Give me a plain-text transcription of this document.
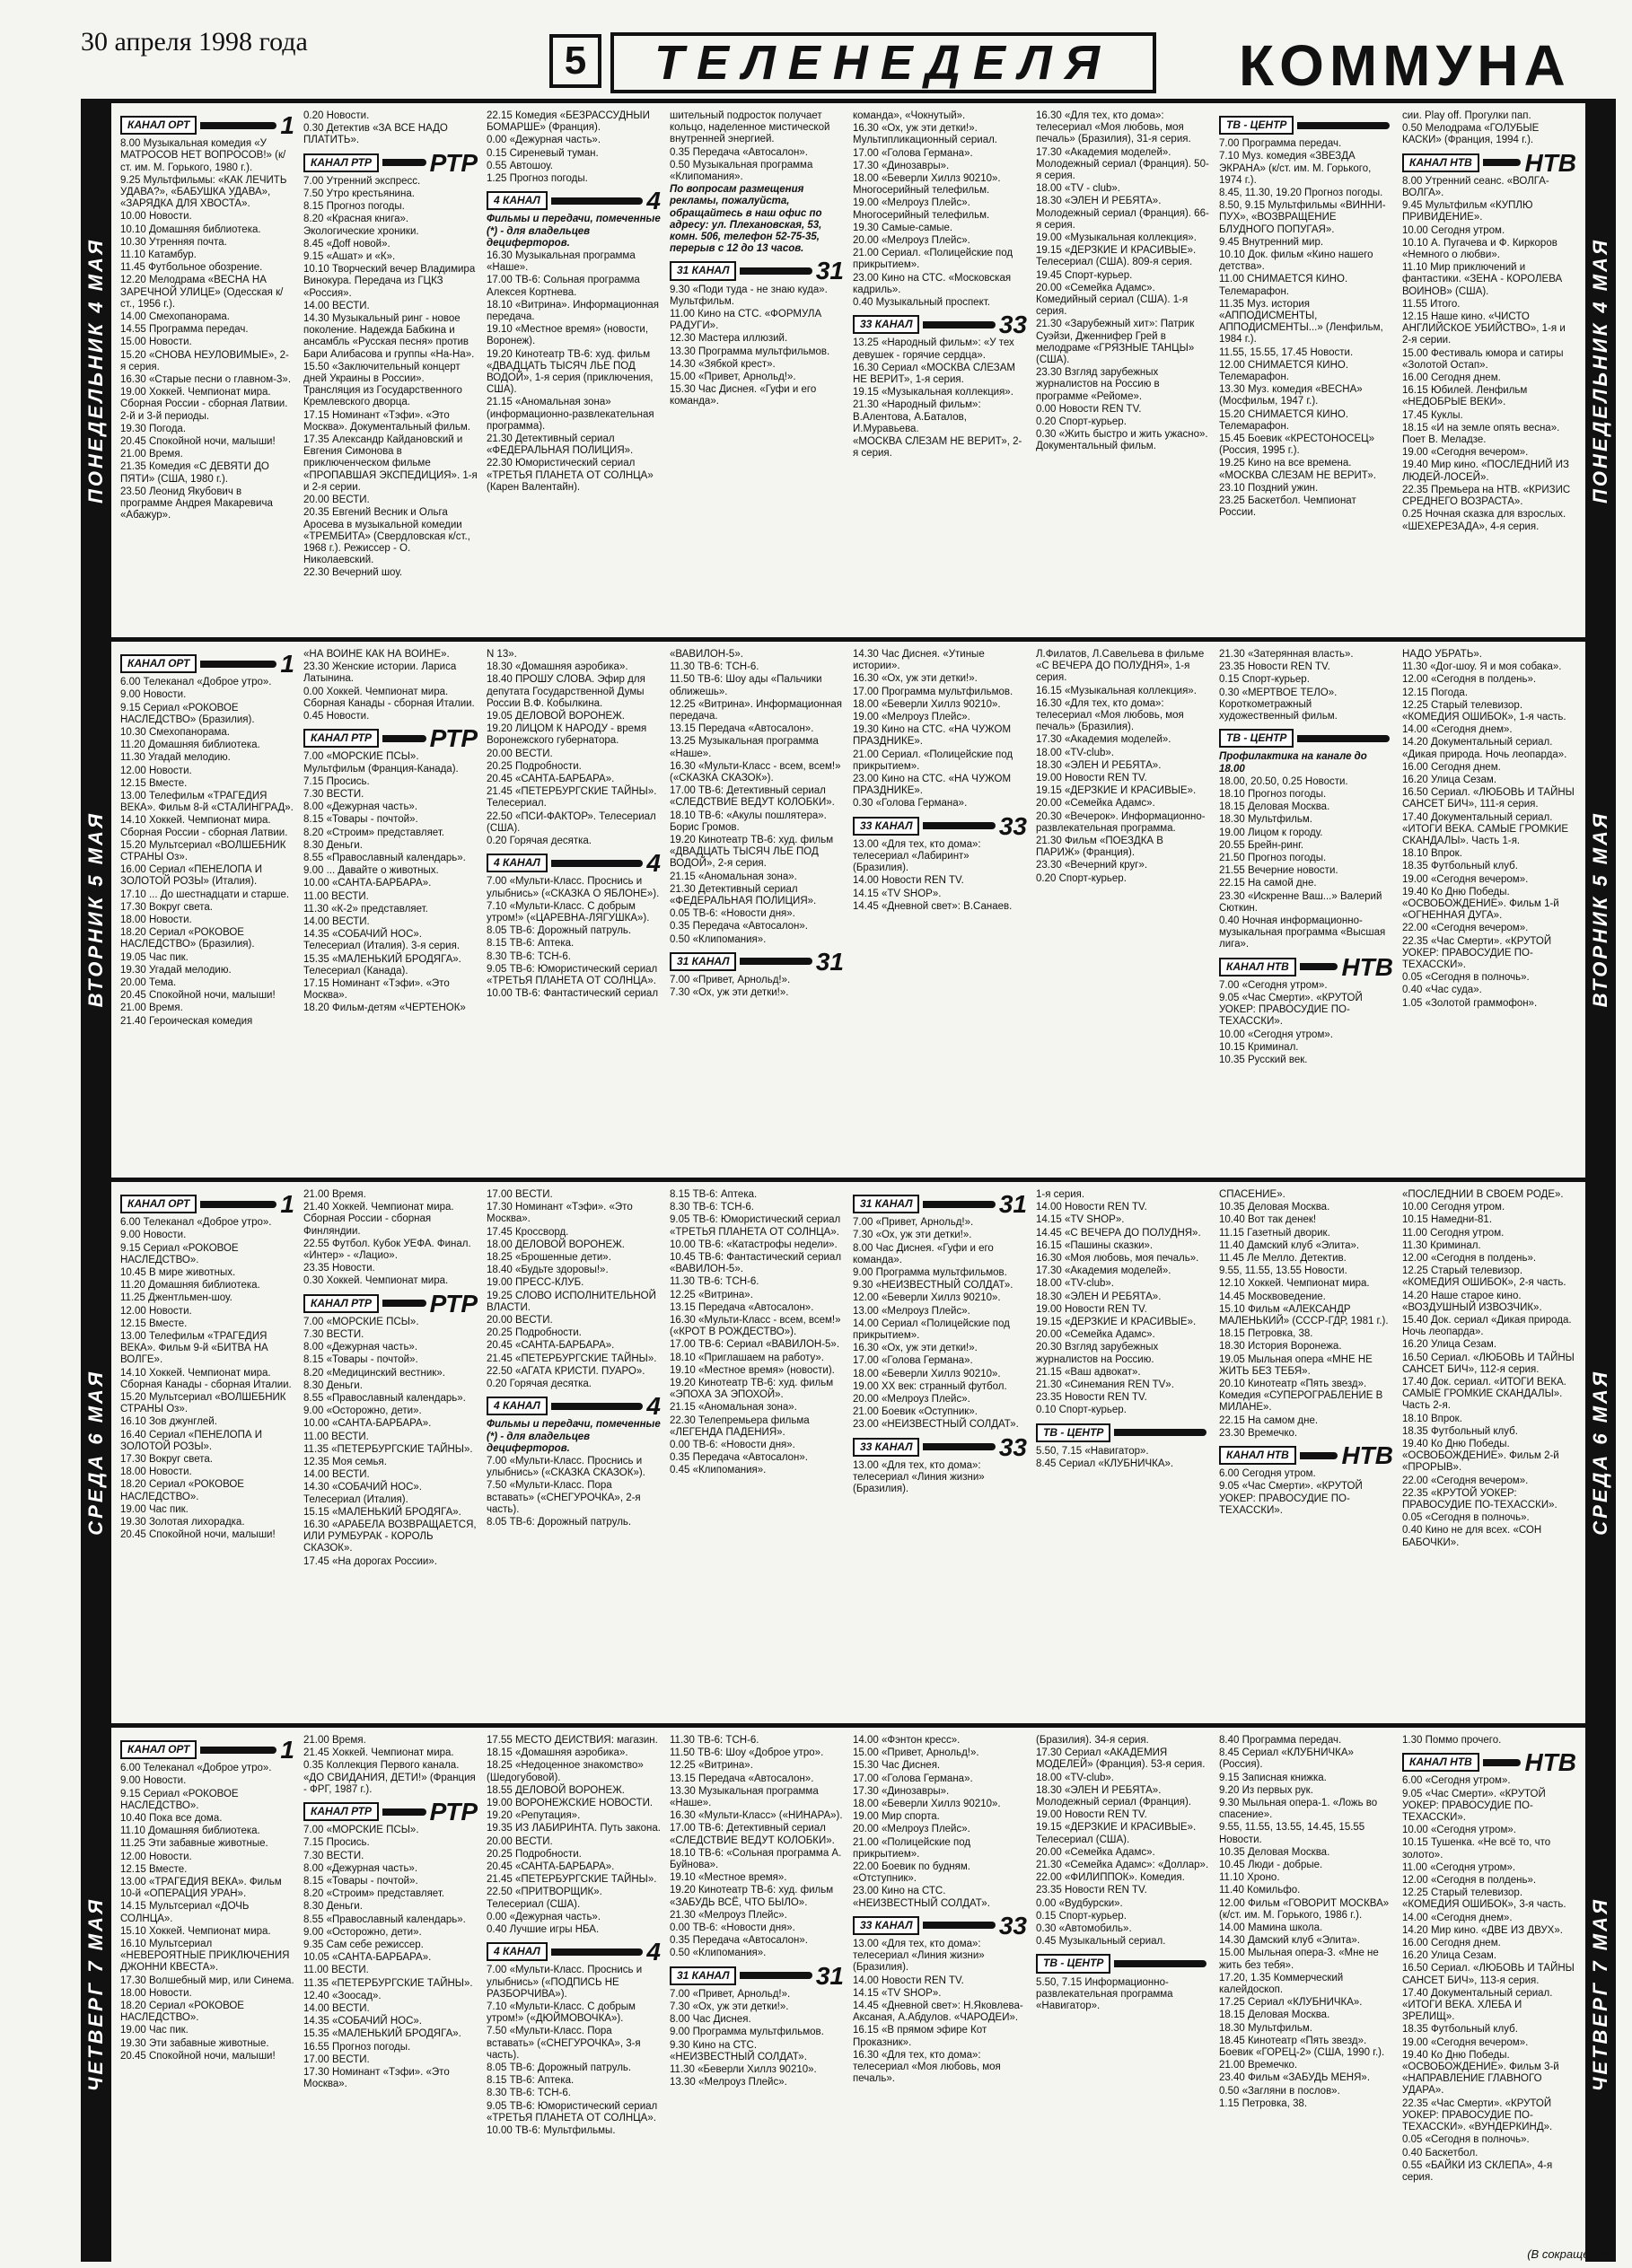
30 апреля 1998 года	5	ТЕЛЕНЕДЕЛЯ	КОММУНА
ПОНЕДЕЛЬНИК 4 МАЯ	ПОНЕДЕЛЬНИК 4 МАЯ
КАНАЛ ОРТ	1

8.00 Музыкальная комедия «У МАТРОСОВ НЕТ ВОПРОСОВ!» (к/ст. им. М. Горького, 1980 г.).

9.25 Мультфильмы: «КАК ЛЕЧИТЬ УДАВА?», «БАБУШКА УДАВА», «ЗАРЯДКА ДЛЯ ХВОСТА».

10.00 Новости.

10.10 Домашняя библиотека.

10.30 Утренняя почта.

11.10 Катамбур.

11.45 Футбольное обозрение.

12.20 Мелодрама «ВЕСНА НА ЗАРЕЧНОЙ УЛИЦЕ» (Одесская к/ст., 1956 г.).

14.00 Смехопанорама.

14.55 Программа передач.

15.00 Новости.

15.20 «СНОВА НЕУЛОВИМЫЕ», 2-я серия.

16.30 «Старые песни о главном-3».

19.00 Хоккей. Чемпионат мира. Сборная России - сборная Латвии. 2-й и 3-й периоды.

19.30 Погода.

20.45 Спокойной ночи, малыши!

21.00 Время.

21.35 Комедия «С ДЕВЯТИ ДО ПЯТИ» (США, 1980 г.).

23.50 Леонид Якубович в программе Андрея Макаревича «Абажур».

0.20 Новости.

0.30 Детектив «ЗА ВСЕ НАДО ПЛАТИТЬ».

КАНАЛ РТР РТР

7.00 Утренний экспресс.

7.50 Утро крестьянина.

8.15 Прогноз погоды.

8.20 «Красная книга». Экологические хроники.

8.45 «Дoff новой».

9.15 «Ашат» и «К».

10.10 Творческий вечер Владимира Винокура. Передача из ГЦКЗ «Россия».

14.00 ВЕСТИ.

14.30 Музыкальный ринг - новое поколение. Надежда Бабкина и ансамбль «Русская песня» против Бари Алибасова и группы «На-На».

15.50 «Заключительный концерт дней Украины в России». Трансляция из Государственного Кремлевского дворца.

17.15 Номинант «Тэфи». «Это Москва». Документальный фильм.

17.35 Александр Кайдановский и Евгения Симонова в приключенческом фильме «ПРОПАВШАЯ ЭКСПЕДИЦИЯ». 1-я и 2-я серии.

20.00 ВЕСТИ.

20.35 Евгений Весник и Ольга Аросева в музыкальной комедии «ТРЕМБИТА» (Свердловская к/ст., 1968 г.). Режиссер - О. Николаевский.

22.30 Вечерний шоу.

22.15 Комедия «БЕЗРАССУДНЫЙ БОМАРШЕ» (Франция).

0.00 «Дежурная часть».

0.15 Сиреневый туман.

0.55 Автошоу.

1.25 Прогноз погоды.

4 КАНАЛ	4

Фильмы и передачи, помеченные (*) - для владельцев дециферторов.

16.30 Музыкальная программа «Наше».

17.00 ТВ-6: Сольная программа Алексея Кортнева.

18.10 «Витрина». Информационная передача.

19.10 «Местное время» (новости, Воронеж).

19.20 Кинотеатр ТВ-6: худ. фильм «ДВАДЦАТЬ ТЫСЯЧ ЛЬЕ ПОД ВОДОЙ», 1-я серия (приключения, США).

21.15 «Аномальная зона» (информационно-развлекательная программа).

21.30 Детективный сериал «ФЕДЕРАЛЬНАЯ ПОЛИЦИЯ».

22.30 Юмористический сериал «ТРЕТЬЯ ПЛАНЕТА ОТ СОЛНЦА» (Карен Валентайн).

шительный подросток получает кольцо, наделенное мистической внутренней энергией.

0.35 Передача «Автосалон».

0.50 Музыкальная программа «Клипомания».

По вопросам размещения рекламы, пожалуйста, обращайтесь в наш офис по адресу: ул. Плехановская, 53, комн. 506, телефон 52-75-35, перерыв с 12 до 13 часов.

31 КАНАЛ	31

9.30 «Поди туда - не знаю куда». Мультфильм.

11.00 Кино на СТС. «ФОРМУЛА РАДУГИ».

12.30 Мастера иллюзий.

13.30 Программа мультфильмов.

14.30 «Зябкой крест».

15.00 «Привет, Арнольд!».

15.30 Час Диснея. «Гуфи и его команда».

команда», «Чокнутый».

16.30 «Ох, уж эти детки!». Мультипликационный сериал.

17.00 «Голова Германа».

17.30 «Динозавры».

18.00 «Беверли Хиллз 90210». Многосерийный телефильм.

19.00 «Мелроуз Плейс». Многосерийный телефильм.

19.30 Самые-самые.

20.00 «Мелроуз Плейс».

21.00 Сериал. «Полицейские под прикрытием».

23.00 Кино на СТС. «Московская кадриль».

0.40 Музыкальный проспект.

33 КАНАЛ	33

13.25 «Народный фильм»: «У тех девушек - горячие сердца».

16.30 Сериал «МОСКВА СЛЕЗАМ НЕ ВЕРИТ», 1-я серия.

19.15 «Музыкальная коллекция».

21.30 «Народный фильм»: В.Алентова, А.Баталов, И.Муравьева.

«МОСКВА СЛЕЗАМ НЕ ВЕРИТ», 2-я серия.

16.30 «Для тех, кто дома»: телесериал «Моя любовь, моя печаль» (Бразилия), 31-я серия.

17.30 «Академия моделей». Молодежный сериал (Франция). 50-я серия.

18.00 «TV - club».

18.30 «ЭЛЕН И РЕБЯТА». Молодежный сериал (Франция). 66-я серия.

19.00 «Музыкальная коллекция».

19.15 «ДЕРЗКИЕ И КРАСИВЫЕ». Телесериал (США). 809-я серия.

19.45 Спорт-курьер.

20.00 «Семейка Адамс». Комедийный сериал (США). 1-я серия.

21.30 «Зарубежный хит»: Патрик Суэйзи, Дженнифер Грей в мелодраме «ГРЯЗНЫЕ ТАНЦЫ» (США).

23.30 Взгляд зарубежных журналистов на Россию в программе «Рейоме».

0.00 Новости REN TV.

0.20 Спорт-курьер.

0.30 «Жить быстро и жить ужасно». Документальный фильм.

ТВ - ЦЕНТР

7.00 Программа передач.

7.10 Муз. комедия «ЗВЕЗДА ЭКРАНА» (к/ст. им. М. Горького, 1974 г.).

8.45, 11.30, 19.20 Прогноз погоды.

8.50, 9.15 Мультфильмы «ВИННИ-ПУХ», «ВОЗВРАЩЕНИЕ БЛУДНОГО ПОПУГАЯ».

9.45 Внутренний мир.

10.10 Док. фильм «Кино нашего детства».

11.00 СНИМАЕТСЯ КИНО. Телемарафон.

11.35 Муз. история «АППОДИСМЕНТЫ, АППОДИСМЕНТЫ...» (Ленфильм, 1984 г.).

11.55, 15.55, 17.45 Новости.

12.00 СНИМАЕТСЯ КИНО. Телемарафон.

13.30 Муз. комедия «ВЕСНА» (Мосфильм, 1947 г.).

15.20 СНИМАЕТСЯ КИНО. Телемарафон.

15.45 Боевик «КРЕСТОНОСЕЦ» (Россия, 1995 г.).

19.25 Кино на все времена. «МОСКВА СЛЕЗАМ НЕ ВЕРИТ».

23.10 Поздний ужин.

23.25 Баскетбол. Чемпионат России.

сии. Play off. Прогулки пап.

0.50 Мелодрама «ГОЛУБЫЕ КАСКИ» (Франция, 1994 г.).

КАНАЛ НТВ НТВ

8.00 Утренний сеанс. «ВОЛГА-ВОЛГА».

9.45 Мультфильм «КУПЛЮ ПРИВИДЕНИЕ».

10.00 Сегодня утром.

10.10 А. Пугачева и Ф. Киркоров «Немного о любви».

11.10 Мир приключений и фантастики. «ЗЕНА - КОРОЛЕВА ВОИНОВ» (США).

11.55 Итого.

12.15 Наше кино. «ЧИСТО АНГЛИЙСКОЕ УБИЙСТВО», 1-я и 2-я серии.

15.00 Фестиваль юмора и сатиры «Золотой Остап».

16.00 Сегодня днем.

16.15 Юбилей. Ленфильм «НЕДОБРЫЕ ВЕКИ».

17.45 Куклы.

18.15 «И на земле опять весна». Поет В. Меладзе.

19.00 «Сегодня вечером».

19.40 Мир кино. «ПОСЛЕДНИЙ ИЗ ЛЮДЕЙ-ЛОСЕЙ».

22.35 Премьера на НТВ. «КРИЗИС СРЕДНЕГО ВОЗРАСТА».

0.25 Ночная сказка для взрослых. «ШЕХЕРЕЗАДА», 4-я серия.

ВТОРНИК 5 МАЯ	ВТОРНИК 5 МАЯ
КАНАЛ ОРТ	1

6.00 Телеканал «Доброе утро».

9.00 Новости.

9.15 Сериал «РОКОВОЕ НАСЛЕДСТВО» (Бразилия).

10.30 Смехопанорама.

11.20 Домашняя библиотека.

11.30 Угадай мелодию.

12.00 Новости.

12.15 Вместе.

13.00 Телефильм «ТРАГЕДИЯ ВЕКА». Фильм 8-й «СТАЛИНГРАД».

14.10 Хоккей. Чемпионат мира. Сборная России - сборная Латвии.

15.20 Мультсериал «ВОЛШЕБНИК СТРАНЫ Оз».

16.00 Сериал «ПЕНЕЛОПА И ЗОЛОТОЙ РОЗЫ» (Италия).

17.10 ... До шестнадцати и старше.

17.30 Вокруг света.

18.00 Новости.

18.20 Сериал «РОКОВОЕ НАСЛЕДСТВО» (Бразилия).

19.05 Час пик.

19.30 Угадай мелодию.

20.00 Тема.

20.45 Спокойной ночи, малыши!

21.00 Время.

21.40 Героическая комедия

«НА ВОЙНЕ КАК НА ВОЙНЕ».

23.30 Женские истории. Лариса Латынина.

0.00 Хоккей. Чемпионат мира. Сборная Канады - сборная Италии.

0.45 Новости.

КАНАЛ РТР РТР

7.00 «МОРСКИЕ ПСЫ». Мультфильм (Франция-Канада).

7.15 Просись.

7.30 ВЕСТИ.

8.00 «Дежурная часть».

8.15 «Товары - почтой».

8.20 «Строим» представляет.

8.30 Деньги.

8.55 «Православный календарь».

9.00 ... Давайте о животных.

10.00 «САНТА-БАРБАРА».

11.00 ВЕСТИ.

11.30 «К-2» представляет.

14.00 ВЕСТИ.

14.35 «СОБАЧИЙ НОС». Телесериал (Италия). 3-я серия.

15.35 «МАЛЕНЬКИЙ БРОДЯГА». Телесериал (Канада).

17.15 Номинант «Тэфи». «Это Москва».

18.20 Фильм-детям «ЧЕРТЕНОК»

N 13».

18.30 «Домашняя аэробика».

18.40 ПРОШУ СЛОВА. Эфир для депутата Государственной Думы России В.Ф. Кобылкина.

19.05 ДЕЛОВОЙ ВОРОНЕЖ.

19.20 ЛИЦОМ К НАРОДУ - время Воронежского губернатора.

20.00 ВЕСТИ.

20.25 Подробности.

20.45 «САНТА-БАРБАРА».

21.45 «ПЕТЕРБУРГСКИЕ ТАЙНЫ». Телесериал.

22.50 «ПСИ-ФАКТОР». Телесериал (США).

0.20 Горячая десятка.

4 КАНАЛ	4

7.00 «Мульти-Класс. Проснись и улыбнись» («СКАЗКА О ЯБЛОНЕ»).

7.10 «Мульти-Класс. С добрым утром!» («ЦАРЕВНА-ЛЯГУШКА»).

8.05 ТВ-6: Дорожный патруль.

8.15 ТВ-6: Аптека.

8.30 ТВ-6: ТСН-6.

9.05 ТВ-6: Юмористический сериал «ТРЕТЬЯ ПЛАНЕТА ОТ СОЛНЦА».

10.00 ТВ-6: Фантастический сериал

«ВАВИЛОН-5».

11.30 ТВ-6: ТСН-6.

11.50 ТВ-6: Шоу ады «Пальчики оближешь».

12.25 «Витрина». Информационная передача.

13.15 Передача «Автосалон».

13.25 Музыкальная программа «Наше».

16.30 «Мульти-Класс - всем, всем!» («СКАЗКА СКАЗОК»).

17.00 ТВ-6: Детективный сериал «СЛЕДСТВИЕ ВЕДУТ КОЛОБКИ».

18.10 ТВ-6: «Акулы пошлятера». Борис Громов.

19.20 Кинотеатр ТВ-6: худ. фильм «ДВАДЦАТЬ ТЫСЯЧ ЛЬЕ ПОД ВОДОЙ», 2-я серия.

21.15 «Аномальная зона».

21.30 Детективный сериал «ФЕДЕРАЛЬНАЯ ПОЛИЦИЯ».

0.05 ТВ-6: «Новости дня».

0.35 Передача «Автосалон».

0.50 «Клипомания».

31 КАНАЛ	31

7.00 «Привет, Арнольд!».

7.30 «Ох, уж эти детки!».

14.30 Час Диснея. «Утиные истории».

16.30 «Ох, уж эти детки!».

17.00 Программа мультфильмов.

18.00 «Беверли Хиллз 90210».

19.00 «Мелроуз Плейс».

19.30 Кино на СТС. «НА ЧУЖОМ ПРАЗДНИКЕ».

21.00 Сериал. «Полицейские под прикрытием».

23.00 Кино на СТС. «НА ЧУЖОМ ПРАЗДНИКЕ».

0.30 «Голова Германа».

33 КАНАЛ	33

13.00 «Для тех, кто дома»: телесериал «Лабиринт» (Бразилия).

14.00 Новости REN TV.

14.15 «TV SHOP».

14.45 «Дневной свет»: В.Санаев.

Л.Филатов, Л.Савельева в фильме «С ВЕЧЕРА ДО ПОЛУДНЯ», 1-я серия.

16.15 «Музыкальная коллекция».

16.30 «Для тех, кто дома»: телесериал «Моя любовь, моя печаль» (Бразилия).

17.30 «Академия моделей».

18.00 «TV-club».

18.30 «ЭЛЕН И РЕБЯТА».

19.00 Новости REN TV.

19.15 «ДЕРЗКИЕ И КРАСИВЫЕ».

20.00 «Семейка Адамс».

20.30 «Вечерок». Информационно-развлекательная программа.

21.30 Фильм «ПОЕЗДКА В ПАРИЖ» (Франция).

23.30 «Вечерний круг».

0.20 Спорт-курьер.

21.30 «Затерянная власть».

23.35 Новости REN TV.

0.15 Спорт-курьер.

0.30 «МЕРТВОЕ ТЕЛО». Короткометражный художественный фильм.

ТВ - ЦЕНТР

Профилактика на канале до 18.00

18.00, 20.50, 0.25 Новости.

18.10 Прогноз погоды.

18.15 Деловая Москва.

18.30 Мультфильм.

19.00 Лицом к городу.

20.55 Брейн-ринг.

21.50 Прогноз погоды.

21.55 Вечерние новости.

22.15 На самой дне.

23.30 «Искренне Ваш...» Валерий Сюткин.

0.40 Ночная информационно-музыкальная программа «Высшая лига».

КАНАЛ НТВ НТВ

7.00 «Сегодня утром».

9.05 «Час Смерти». «КРУТОЙ УОКЕР: ПРАВОСУДИЕ ПО-ТЕХАССКИ».

10.00 «Сегодня утром».

10.15 Криминал.

10.35 Русский век.

НАДО УБРАТЬ».

11.30 «Дог-шоу. Я и моя собака».

12.00 «Сегодня в полдень».

12.15 Погода.

12.25 Старый телевизор. «КОМЕДИЯ ОШИБОК», 1-я часть.

14.00 «Сегодня днем».

14.20 Документальный сериал. «Дикая природа. Ночь леопарда».

16.00 Сегодня днем.

16.20 Улица Сезам.

16.50 Сериал. «ЛЮБОВЬ И ТАЙНЫ САНСЕТ БИЧ», 111-я серия.

17.40 Документальный сериал. «ИТОГИ ВЕКА. САМЫЕ ГРОМКИЕ СКАНДАЛЫ». Часть 1-я.

18.10 Впрок.

18.35 Футбольный клуб.

19.00 «Сегодня вечером».

19.40 Ко Дню Победы. «ОСВОБОЖДЕНИЕ». Фильм 1-й «ОГНЕННАЯ ДУГА».

22.00 «Сегодня вечером».

22.35 «Час Смерти». «КРУТОЙ УОКЕР: ПРАВОСУДИЕ ПО-ТЕХАССКИ».

0.05 «Сегодня в полночь».

0.40 «Час суда».

1.05 «Золотой граммофон».

СРЕДА 6 МАЯ	СРЕДА 6 МАЯ
КАНАЛ ОРТ	1

6.00 Телеканал «Доброе утро».

9.00 Новости.

9.15 Сериал «РОКОВОЕ НАСЛЕДСТВО».

10.45 В мире животных.

11.20 Домашняя библиотека.

11.25 Джентльмен-шоу.

12.00 Новости.

12.15 Вместе.

13.00 Телефильм «ТРАГЕДИЯ ВЕКА». Фильм 9-й «БИТВА НА ВОЛГЕ».

14.10 Хоккей. Чемпионат мира. Сборная Канады - сборная Италии.

15.20 Мультсериал «ВОЛШЕБНИК СТРАНЫ Оз».

16.10 Зов джунглей.

16.40 Сериал «ПЕНЕЛОПА И ЗОЛОТОЙ РОЗЫ».

17.30 Вокруг света.

18.00 Новости.

18.20 Сериал «РОКОВОЕ НАСЛЕДСТВО».

19.00 Час пик.

19.30 Золотая лихорадка.

20.45 Спокойной ночи, малыши!

21.00 Время.

21.40 Хоккей. Чемпионат мира. Сборная России - сборная Финляндии.

22.55 Футбол. Кубок УЕФА. Финал. «Интер» - «Лацио».

23.35 Новости.

0.30 Хоккей. Чемпионат мира.

КАНАЛ РТР РТР

7.00 «МОРСКИЕ ПСЫ».

7.30 ВЕСТИ.

8.00 «Дежурная часть».

8.15 «Товары - почтой».

8.20 «Медицинский вестник».

8.30 Деньги.

8.55 «Православный календарь».

9.00 «Осторожно, дети».

10.00 «САНТА-БАРБАРА».

11.00 ВЕСТИ.

11.35 «ПЕТЕРБУРГСКИЕ ТАЙНЫ».

12.35 Моя семья.

14.00 ВЕСТИ.

14.30 «СОБАЧИЙ НОС». Телесериал (Италия).

15.15 «МАЛЕНЬКИЙ БРОДЯГА».

16.30 «АРАБЕЛА ВОЗВРАЩАЕТСЯ, ИЛИ РУМБУРАК - КОРОЛЬ СКАЗОК».

17.45 «На дорогах России».

17.00 ВЕСТИ.

17.30 Номинант «Тэфи». «Это Москва».

17.45 Кроссворд.

18.00 ДЕЛОВОЙ ВОРОНЕЖ.

18.25 «Брошенные дети».

18.40 «Будьте здоровы!».

19.00 ПРЕСС-КЛУБ.

19.25 СЛОВО ИСПОЛНИТЕЛЬНОЙ ВЛАСТИ.

20.00 ВЕСТИ.

20.25 Подробности.

20.45 «САНТА-БАРБАРА».

21.45 «ПЕТЕРБУРГСКИЕ ТАЙНЫ».

22.50 «АГАТА КРИСТИ. ПУАРО».

0.20 Горячая десятка.

4 КАНАЛ	4

Фильмы и передачи, помеченные (*) - для владельцев дециферторов.

7.00 «Мульти-Класс. Проснись и улыбнись» («СКАЗКА СКАЗОК»).

7.50 «Мульти-Класс. Пора вставать» («СНЕГУРОЧКА», 2-я часть).

8.05 ТВ-6: Дорожный патруль.

8.15 ТВ-6: Аптека.

8.30 ТВ-6: ТСН-6.

9.05 ТВ-6: Юмористический сериал «ТРЕТЬЯ ПЛАНЕТА ОТ СОЛНЦА».

10.00 ТВ-6: «Катастрофы недели».

10.45 ТВ-6: Фантастический сериал «ВАВИЛОН-5».

11.30 ТВ-6: ТСН-6.

12.25 «Витрина».

13.15 Передача «Автосалон».

16.30 «Мульти-Класс - всем, всем!» («КРОТ В РОЖДЕСТВО»).

17.00 ТВ-6: Сериал «ВАВИЛОН-5».

18.10 «Приглашаем на работу».

19.10 «Местное время» (новости).

19.20 Кинотеатр ТВ-6: худ. фильм «ЭПОХА ЗА ЭПОХОЙ».

21.15 «Аномальная зона».

22.30 Телепремьера фильма «ЛЕГЕНДА ПАДЕНИЯ».

0.00 ТВ-6: «Новости дня».

0.35 Передача «Автосалон».

0.45 «Клипомания».

31 КАНАЛ	31

7.00 «Привет, Арнольд!».

7.30 «Ох, уж эти детки!».

8.00 Час Диснея. «Гуфи и его команда».

9.00 Программа мультфильмов.

9.30 «НЕИЗВЕСТНЫЙ СОЛДАТ».

12.00 «Беверли Хиллз 90210».

13.00 «Мелроуз Плейс».

14.00 Сериал «Полицейские под прикрытием».

16.30 «Ох, уж эти детки!».

17.00 «Голова Германа».

18.00 «Беверли Хиллз 90210».

19.00 XX век: странный футбол.

20.00 «Мелроуз Плейс».

21.00 Боевик «Оступник».

23.00 «НЕИЗВЕСТНЫЙ СОЛДАТ».

33 КАНАЛ	33

13.00 «Для тех, кто дома»: телесериал «Линия жизни» (Бразилия).

1-я серия.

14.00 Новости REN TV.

14.15 «TV SHOP».

14.45 «С ВЕЧЕРА ДО ПОЛУДНЯ».

16.15 «Пашины сказки».

16.30 «Моя любовь, моя печаль».

17.30 «Академия моделей».

18.00 «TV-club».

18.30 «ЭЛЕН И РЕБЯТА».

19.00 Новости REN TV.

19.15 «ДЕРЗКИЕ И КРАСИВЫЕ».

20.00 «Семейка Адамс».

20.30 Взгляд зарубежных журналистов на Россию.

21.15 «Ваш адвокат».

21.30 «Синемания REN TV».

23.35 Новости REN TV.

0.10 Спорт-курьер.

ТВ - ЦЕНТР

5.50, 7.15 «Навигатор».

8.45 Сериал «КЛУБНИЧКА».

СПАСЕНИЕ».

10.35 Деловая Москва.

10.40 Вот так денек!

11.15 Газетный дворик.

11.40 Дамский клуб «Элита».

11.45 Ле Мелло. Детектив.

9.55, 11.55, 13.55 Новости.

12.10 Хоккей. Чемпионат мира.

14.45 Москвоведение.

15.10 Фильм «АЛЕКСАНДР МАЛЕНЬКИЙ» (СССР-ГДР, 1981 г.).

18.15 Петровка, 38.

18.30 История Воронежа.

19.05 Мыльная опера «МНЕ НЕ ЖИТЬ БЕЗ ТЕБЯ».

20.10 Кинотеатр «Пять звезд». Комедия «СУПЕРОГРАБЛЕНИЕ В МИЛАНЕ».

22.15 На самом дне.

23.30 Времечко.

КАНАЛ НТВ НТВ

6.00 Сегодня утром.

9.05 «Час Смерти». «КРУТОЙ УОКЕР: ПРАВОСУДИЕ ПО-ТЕХАССКИ».

«ПОСЛЕДНИЙ В СВОЕМ РОДЕ».

10.00 Сегодня утром.

10.15 Намедни-81.

11.00 Сегодня утром.

11.30 Криминал.

12.00 «Сегодня в полдень».

12.25 Старый телевизор. «КОМЕДИЯ ОШИБОК», 2-я часть.

14.20 Наше старое кино. «ВОЗДУШНЫЙ ИЗВОЗЧИК».

15.40 Док. сериал «Дикая природа. Ночь леопарда».

16.20 Улица Сезам.

16.50 Сериал. «ЛЮБОВЬ И ТАЙНЫ САНСЕТ БИЧ», 112-я серия.

17.40 Док. сериал. «ИТОГИ ВЕКА. САМЫЕ ГРОМКИЕ СКАНДАЛЫ». Часть 2-я.

18.10 Впрок.

18.35 Футбольный клуб.

19.40 Ко Дню Победы. «ОСВОБОЖДЕНИЕ». Фильм 2-й «ПРОРЫВ».

22.00 «Сегодня вечером».

22.35 «КРУТОЙ УОКЕР: ПРАВОСУДИЕ ПО-ТЕХАССКИ».

0.05 «Сегодня в полночь».

0.40 Кино не для всех. «СОН БАБОЧКИ».

ЧЕТВЕРГ 7 МАЯ	ЧЕТВЕРГ 7 МАЯ
КАНАЛ ОРТ	1

6.00 Телеканал «Доброе утро».

9.00 Новости.

9.15 Сериал «РОКОВОЕ НАСЛЕДСТВО».

10.40 Пока все дома.

11.10 Домашняя библиотека.

11.25 Эти забавные животные.

12.00 Новости.

12.15 Вместе.

13.00 «ТРАГЕДИЯ ВЕКА». Фильм 10-й «ОПЕРАЦИЯ УРАН».

14.15 Мультсериал «ДОЧЬ СОЛНЦА».

15.10 Хоккей. Чемпионат мира.

16.10 Мультсериал «НЕВЕРОЯТНЫЕ ПРИКЛЮЧЕНИЯ ДЖОННИ КВЕСТА».

17.30 Волшебный мир, или Синема.

18.00 Новости.

18.20 Сериал «РОКОВОЕ НАСЛЕДСТВО».

19.00 Час пик.

19.30 Эти забавные животные.

20.45 Спокойной ночи, малыши!

21.00 Время.

21.45 Хоккей. Чемпионат мира.

0.35 Коллекция Первого канала. «ДО СВИДАНИЯ, ДЕТИ!» (Франция - ФРГ, 1987 г.).

КАНАЛ РТР РТР

7.00 «МОРСКИЕ ПСЫ».

7.15 Просись.

7.30 ВЕСТИ.

8.00 «Дежурная часть».

8.15 «Товары - почтой».

8.20 «Строим» представляет.

8.30 Деньги.

8.55 «Православный календарь».

9.00 «Осторожно, дети».

9.35 Сам себе режиссер.

10.05 «САНТА-БАРБАРА».

11.00 ВЕСТИ.

11.35 «ПЕТЕРБУРГСКИЕ ТАЙНЫ».

12.40 «Зоосад».

14.00 ВЕСТИ.

14.35 «СОБАЧИЙ НОС».

15.35 «МАЛЕНЬКИЙ БРОДЯГА».

16.55 Прогноз погоды.

17.00 ВЕСТИ.

17.30 Номинант «Тэфи». «Это Москва».

17.55 МЕСТО ДЕЙСТВИЯ: магазин.

18.15 «Домашняя аэробика».

18.25 «Недоценное знакомство» (Шедогубовой).

18.55 ДЕЛОВОЙ ВОРОНЕЖ.

19.00 ВОРОНЕЖСКИЕ НОВОСТИ.

19.20 «Репутация».

19.35 ИЗ ЛАБИРИНТА. Путь закона.

20.00 ВЕСТИ.

20.25 Подробности.

20.45 «САНТА-БАРБАРА».

21.45 «ПЕТЕРБУРГСКИЕ ТАЙНЫ».

22.50 «ПРИТВОРЩИК». Телесериал (США).

0.00 «Дежурная часть».

0.40 Лучшие игры НБА.

4 КАНАЛ	4

7.00 «Мульти-Класс. Проснись и улыбнись» («ПОДПИСЬ НЕ РАЗБОРЧИВА»).

7.10 «Мульти-Класс. С добрым утром!» («ДЮЙМОВОЧКА»).

7.50 «Мульти-Класс. Пора вставать» («СНЕГУРОЧКА», 3-я часть).

8.05 ТВ-6: Дорожный патруль.

8.15 ТВ-6: Аптека.

8.30 ТВ-6: ТСН-6.

9.05 ТВ-6: Юмористический сериал «ТРЕТЬЯ ПЛАНЕТА ОТ СОЛНЦА».

10.00 ТВ-6: Мультфильмы.

11.30 ТВ-6: ТСН-6.

11.50 ТВ-6: Шоу «Доброе утро».

12.25 «Витрина».

13.15 Передача «Автосалон».

13.30 Музыкальная программа «Наше».

16.30 «Мульти-Класс» («НИНАРА»).

17.00 ТВ-6: Детективный сериал «СЛЕДСТВИЕ ВЕДУТ КОЛОБКИ».

18.10 ТВ-6: «Сольная программа А. Буйнова».

19.10 «Местное время».

19.20 Кинотеатр ТВ-6: худ. фильм «ЗАБУДЬ ВСЁ, ЧТО БЫЛО».

21.30 «Мелроуз Плейс».

0.00 ТВ-6: «Новости дня».

0.35 Передача «Автосалон».

0.50 «Клипомания».

31 КАНАЛ	31

7.00 «Привет, Арнольд!».

7.30 «Ох, уж эти детки!».

8.00 Час Диснея.

9.00 Программа мультфильмов.

9.30 Кино на СТС. «НЕИЗВЕСТНЫЙ СОЛДАТ».

11.30 «Беверли Хиллз 90210».

13.30 «Мелроуз Плейс».

14.00 «Фэнтон кресс».

15.00 «Привет, Арнольд!».

15.30 Час Диснея.

17.00 «Голова Германа».

17.30 «Динозавры».

18.00 «Беверли Хиллз 90210».

19.00 Мир спорта.

20.00 «Мелроуз Плейс».

21.00 «Полицейские под прикрытием».

22.00 Боевик по будням. «Отступник».

23.00 Кино на СТС. «НЕИЗВЕСТНЫЙ СОЛДАТ».

33 КАНАЛ	33

13.00 «Для тех, кто дома»: телесериал «Линия жизни» (Бразилия).

14.00 Новости REN TV.

14.15 «TV SHOP».

14.45 «Дневной свет»: Н.Яковлева-Аксаная, А.Абдулов. «ЧАРОДЕИ».

16.15 «В прямом эфире Кот Проказник».

16.30 «Для тех, кто дома»: телесериал «Моя любовь, моя печаль».

(Бразилия). 34-я серия.

17.30 Сериал «АКАДЕМИЯ МОДЕЛЕЙ» (Франция). 53-я серия.

18.00 «TV-club».

18.30 «ЭЛЕН И РЕБЯТА». Молодежный сериал (Франция).

19.00 Новости REN TV.

19.15 «ДЕРЗКИЕ И КРАСИВЫЕ». Телесериал (США).

20.00 «Семейка Адамс».

21.30 «Семейка Адамс»: «Доллар».

22.00 «ФИЛИППОК». Комедия.

23.35 Новости REN TV.

0.00 «Вудбурски».

0.15 Спорт-курьер.

0.30 «Автомобиль».

0.45 Музыкальный сериал.

ТВ - ЦЕНТР

5.50, 7.15 Информационно-развлекательная программа «Навигатор».

8.40 Программа передач.

8.45 Сериал «КЛУБНИЧКА» (Россия).

9.15 Записная книжка.

9.20 Из первых рук.

9.30 Мыльная опера-1. «Ложь во спасение».

9.55, 11.55, 13.55, 14.45, 15.55 Новости.

10.35 Деловая Москва.

10.45 Люди - добрые.

11.10 Хроно.

11.40 Комильфо.

12.00 Фильм «ГОВОРИТ МОСКВА» (к/ст. им. М. Горького, 1986 г.).

14.00 Мамина школа.

14.30 Дамский клуб «Элита».

15.00 Мыльная опера-3. «Мне не жить без тебя».

17.20, 1.35 Коммерческий калейдоскоп.

17.25 Сериал «КЛУБНИЧКА».

18.15 Деловая Москва.

18.30 Мультфильм.

18.45 Кинотеатр «Пять звезд». Боевик «ГОРЕЦ-2» (США, 1990 г.).

21.00 Времечко.

23.40 Фильм «ЗАБУДЬ МЕНЯ».

0.50 «Загляни в послов».

1.15 Петровка, 38.

1.30 Поммо прочего.

КАНАЛ НТВ НТВ

6.00 «Сегодня утром».

9.05 «Час Смерти». «КРУТОЙ УОКЕР: ПРАВОСУДИЕ ПО-ТЕХАССКИ».

10.00 «Сегодня утром».

10.15 Тушенка. «Не всё то, что золото».

11.00 «Сегодня утром».

12.00 «Сегодня в полдень».

12.25 Старый телевизор. «КОМЕДИЯ ОШИБОК», 3-я часть.

14.00 «Сегодня днем».

14.20 Мир кино. «ДВЕ ИЗ ДВУХ».

16.00 Сегодня днем.

16.20 Улица Сезам.

16.50 Сериал. «ЛЮБОВЬ И ТАЙНЫ САНСЕТ БИЧ», 113-я серия.

17.40 Документальный сериал. «ИТОГИ ВЕКА. ХЛЕБА И ЗРЕЛИЩ».

18.35 Футбольный клуб.

19.00 «Сегодня вечером».

19.40 Ко Дню Победы. «ОСВОБОЖДЕНИЕ». Фильм 3-й «НАПРАВЛЕНИЕ ГЛАВНОГО УДАРА».

22.35 «Час Смерти». «КРУТОЙ УОКЕР: ПРАВОСУДИЕ ПО-ТЕХАССКИ». «ВУНДЕРКИНД».

0.05 «Сегодня в полночь».

0.40 Баскетбол.

0.55 «БАЙКИ ИЗ СКЛЕПА», 4-я серия.

(В сокращении).
